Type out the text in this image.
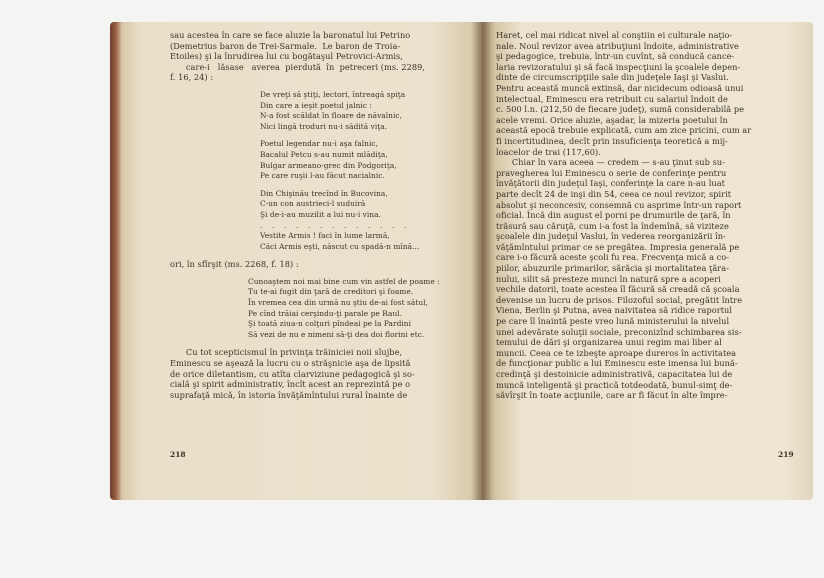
sau acestea în care se face aluzie la baronatul lui Petrino
(Demetrius baron de Trei-Sarmale.  Le baron de Troia-
Etoiles) şi la înrudirea lui cu bogătaşul Petrovici-Armis,
care-i   lăsase   averea  pierdută  în  petreceri (ms. 2289,
f. 16, 24) :
De vreţi să ştiţi, lectori, întreagă spiţa
Din care a ieşit poetul jalnic :
N-a fost scăldat în floare de năvalnic,
Nici lingă troduri nu-i sădită viţa.
Poetul legendar nu-i aşa falnic,
Bacalul Petcu s-au numit mlădiţa,
Bulgar armeano-grec din Podgoriţa,
Pe care ruşii l-au făcut nacialnic.
Din Chişinău trecînd în Bucovina,
C-un con austrieci-l suduiră
Şi de-i-au muzilit a lui nu-i vina.
.    .    .    .    .    .    .    .    .    .    .    .    .
Vestite Armis ! faci în lume larmă,
Căci Armis eşti, născut cu spadă-n mînă...
ori, în sfîrşit (ms. 2268, f. 18) :
Cunoaştem noi mai bine cum vin astfel de poame :
Tu te-ai fugit din ţară de creditori şi foame.
În vremea cea din urmă nu ştiu de-ai fost sătul,
Pe cînd trăiai cerşindu-ţi parale pe Raul.
Şi toată ziua-n colţuri pîndeai pe la Pardini
Să vezi de nu e nimeni să-ţi dea doi florini etc.
Cu tot scepticismul în privinţa trăiniciei noii slujbe,
Eminescu se aşează la lucru cu o străşnicie aşa de lipsită
de orice diletantism, cu atîta clarviziune pedagogică şi so-
cială şi spirit administrativ, încît acest an reprezintă pe o
suprafaţă mică, în istoria învăţămîntului rural înainte de
218
Haret, cel mai ridicat nivel al conştiin ei culturale naţio-
nale. Noul revizor avea atribuţiuni îndoite, administrative
şi pedagogice, trebuia, într-un cuvînt, să conducă cance-
laria revizoratului şi să facă inspecţiuni la şcoalele depen-
dinte de circumscripţiile sale din judeţele Iaşi şi Vaslui.
Pentru această muncă extinsă, dar nicidecum odioasă unui
intelectual, Eminescu era retribuit cu salariul îndoit de
c. 500 l.n. (212,50 de fiecare judeţ), sumă considerabilă pe
acele vremi. Orice aluzie, aşadar, la mizeria poetului în
această epocă trebuie explicată, cum am zice pricini, cum ar
fi incertitudinea, decît prin insuficienţa teoretică a mij-
loacelor de trai (117,60).
Chiar în vara aceea — credem — s-au ţinut sub su-
pravegherea lui Eminescu o serie de conferinţe pentru
învăţătorii din judeţul Iaşi, conferinţe la care n-au luat
parte decît 24 de inşi din 54, ceea ce noul revizor, spirit
absolut şi neconcesiv, consemnă cu asprime într-un raport
oficial. Încă din august el porni pe drumurile de ţară, în
trăsură sau căruţă, cum i-a fost la îndemînă, să viziteze
şcoalele din judeţul Vaslui, în vederea reorganizării în-
văţămîntului primar ce se pregătea. Impresia generală pe
care i-o făcură aceste şcoli fu rea. Frecvenţa mică a co-
piilor, abuzurile primarilor, sărăcia şi mortalitatea ţăra-
nului, silit să presteze munci în natură spre a acoperi
vechile datorii, toate acestea îl făcură să creadă că şcoala
devenise un lucru de prisos. Filozoful social, pregătit între
Viena, Berlin şi Putna, avea naivitatea să ridice raportul
pe care îl înaintă peste vreo lună ministerului la nivelul
unei adevărate soluţii sociale, preconizînd schimbarea sis-
temului de dări şi organizarea unui regim mai liber al
muncii. Ceea ce te izbeşte aproape dureros în activitatea
de funcţionar public a lui Eminescu este imensa lui bună-
credinţă şi destoinicie administrativă, capacitatea lui de
muncă inteligentă şi practică totdeodată, bunul-simţ de-
săvîrşit în toate acţiunile, care ar fi făcut în alte împre-
219
